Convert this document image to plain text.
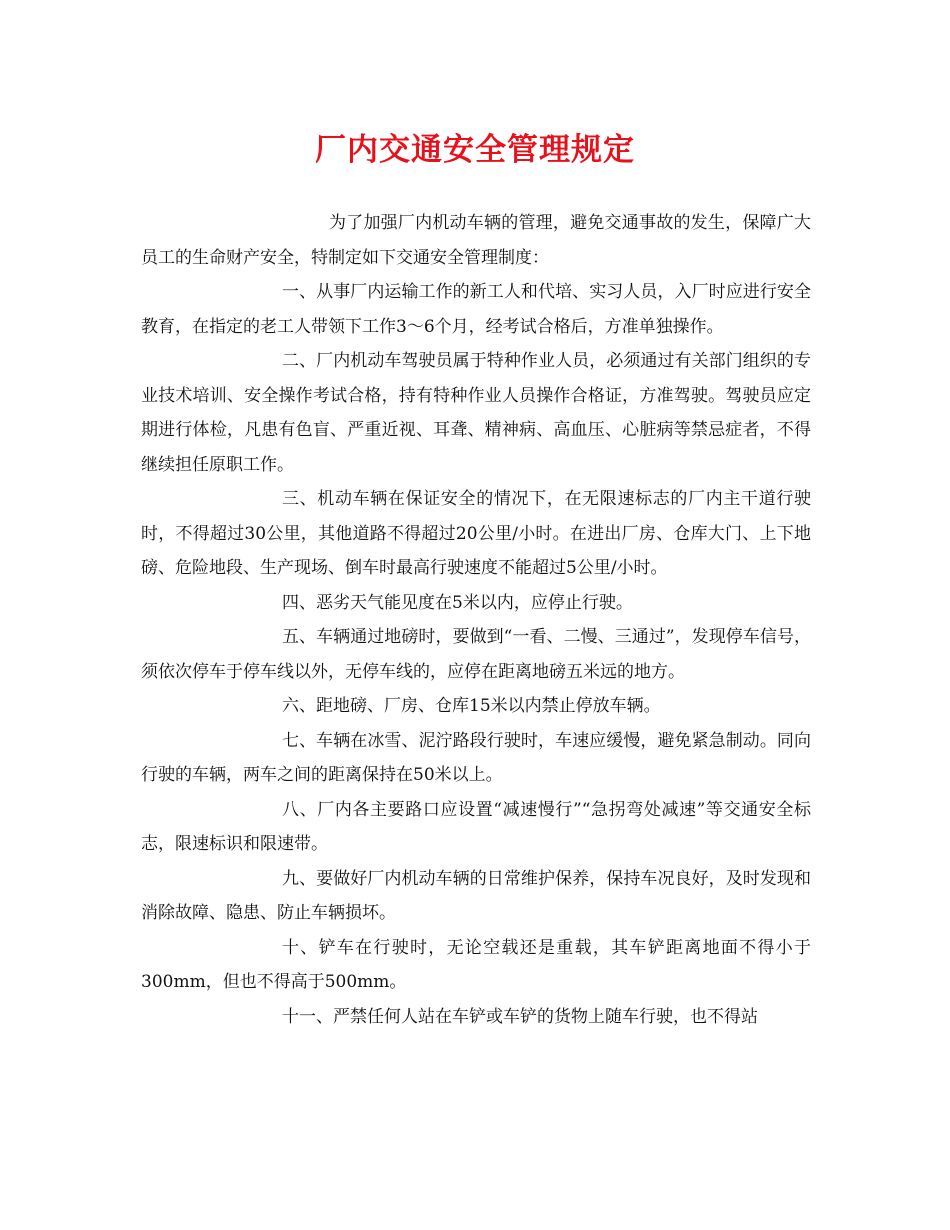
厂内交通安全管理规定

为了加强厂内机动车辆的管理，避免交通事故的发生，保障广大员工的生命财产安全，特制定如下交通安全管理制度：

一、从事厂内运输工作的新工人和代培、实习人员，入厂时应进行安全教育，在指定的老工人带领下工作3～6个月，经考试合格后，方准单独操作。

二、厂内机动车驾驶员属于特种作业人员，必须通过有关部门组织的专业技术培训、安全操作考试合格，持有特种作业人员操作合格证，方准驾驶。驾驶员应定期进行体检，凡患有色盲、严重近视、耳聋、精神病、高血压、心脏病等禁忌症者，不得继续担任原职工作。

三、机动车辆在保证安全的情况下，在无限速标志的厂内主干道行驶时，不得超过30公里，其他道路不得超过20公里/小时。在进出厂房、仓库大门、上下地磅、危险地段、生产现场、倒车时最高行驶速度不能超过5公里/小时。

四、恶劣天气能见度在5米以内，应停止行驶。

五、车辆通过地磅时，要做到“一看、二慢、三通过”，发现停车信号，须依次停车于停车线以外，无停车线的，应停在距离地磅五米远的地方。

六、距地磅、厂房、仓库15米以内禁止停放车辆。

七、车辆在冰雪、泥泞路段行驶时，车速应缓慢，避免紧急制动。同向行驶的车辆，两车之间的距离保持在50米以上。

八、厂内各主要路口应设置“减速慢行”“急拐弯处减速”等交通安全标志，限速标识和限速带。

九、要做好厂内机动车辆的日常维护保养，保持车况良好，及时发现和消除故障、隐患、防止车辆损坏。

十、铲车在行驶时，无论空载还是重载，其车铲距离地面不得小于300mm，但也不得高于500mm。

十一、严禁任何人站在车铲或车铲的货物上随车行驶，也不得站
